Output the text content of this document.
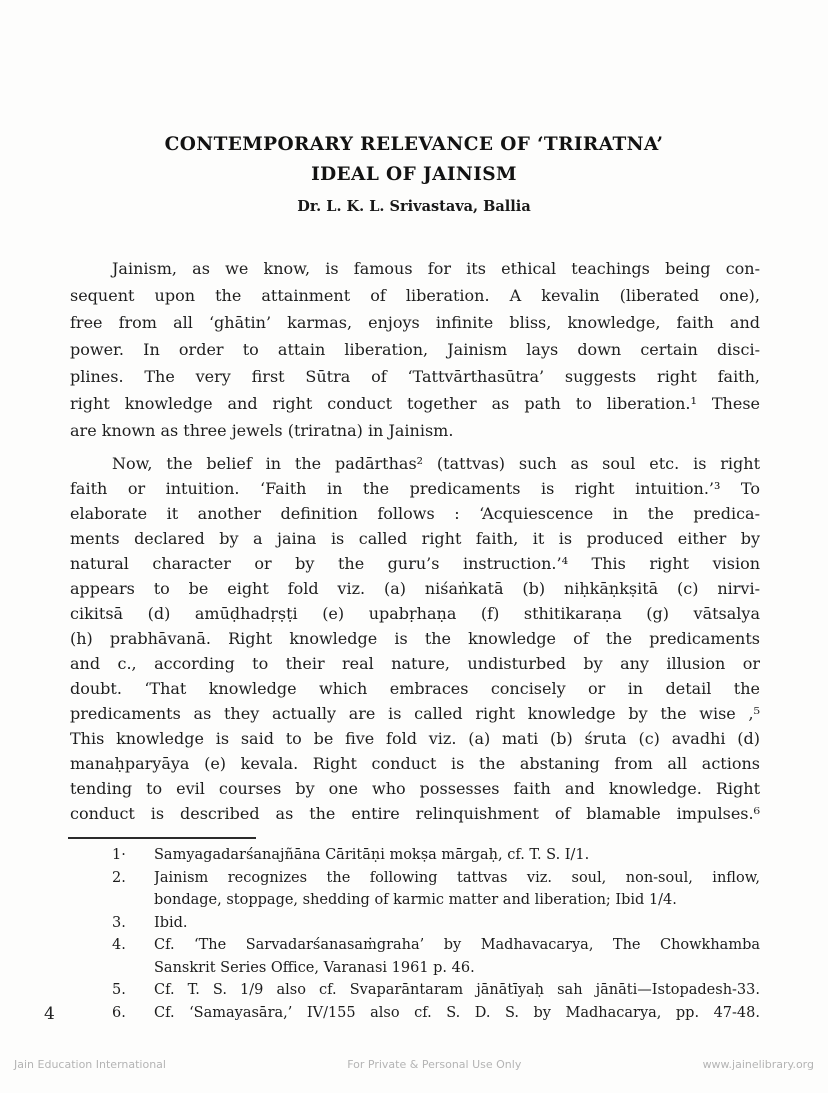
CONTEMPORARY RELEVANCE OF ‘TRIRATNA’
IDEAL OF JAINISM
Dr. L. K. L. Srivastava, Ballia
Jainism, as we know, is famous for its ethical teachings being con-
sequent upon the attainment of liberation. A kevalin (liberated one),
free from all ‘ghātin’ karmas, enjoys infinite bliss, knowledge, faith and
power. In order to attain liberation, Jainism lays down certain disci-
plines. The very first Sūtra of ‘Tattvārthasūtra’ suggests right faith,
right knowledge and right conduct together as path to liberation.¹ These
are known as three jewels (triratna) in Jainism.
Now, the belief in the padārthas² (tattvas) such as soul etc. is right
faith or intuition. ‘Faith in the predicaments is right intuition.’³ To
elaborate it another definition follows : ‘Acquiescence in the predica-
ments declared by a jaina is called right faith, it is produced either by
natural character or by the guru’s instruction.’⁴ This right vision
appears to be eight fold viz. (a) niśaṅkatā (b) niḥkāṇkṣitā (c) nirvi-
cikitsā (d) amūḍhadṛṣṭi (e) upabṛhaṇa (f) sthitikaraṇa (g) vātsalya
(h) prabhāvanā. Right knowledge is the knowledge of the predicaments
and c., according to their real nature, undisturbed by any illusion or
doubt. ‘That knowledge which embraces concisely or in detail the
predicaments as they actually are is called right knowledge by the wise ,⁵
This knowledge is said to be five fold viz. (a) mati (b) śruta (c) avadhi (d)
manaḥparyāya (e) kevala. Right conduct is the abstaning from all actions
tending to evil courses by one who possesses faith and knowledge. Right
conduct is described as the entire relinquishment of blamable impulses.⁶
1·	Samyagadarśanajñāna Cāritāṇi mokṣa mārgaḥ, cf. T. S. I/1.
2.	Jainism recognizes the following tattvas viz. soul, non-soul, inflow,
bondage, stoppage, shedding of karmic matter and liberation; Ibid 1/4.
3.	Ibid.
4.	Cf. ‘The Sarvadarśanasaṁgraha’ by Madhavacarya, The Chowkhamba
Sanskrit Series Office, Varanasi 1961 p. 46.
5.	Cf. T. S. 1/9 also cf. Svaparāntaram jānātīyaḥ sah jānāti—Istopadesh-33.
6.	Cf. ‘Samayasāra,’ IV/155 also cf. S. D. S. by Madhacarya, pp. 47-48.
4
Jain Education International	For Private & Personal Use Only	www.jainelibrary.org
